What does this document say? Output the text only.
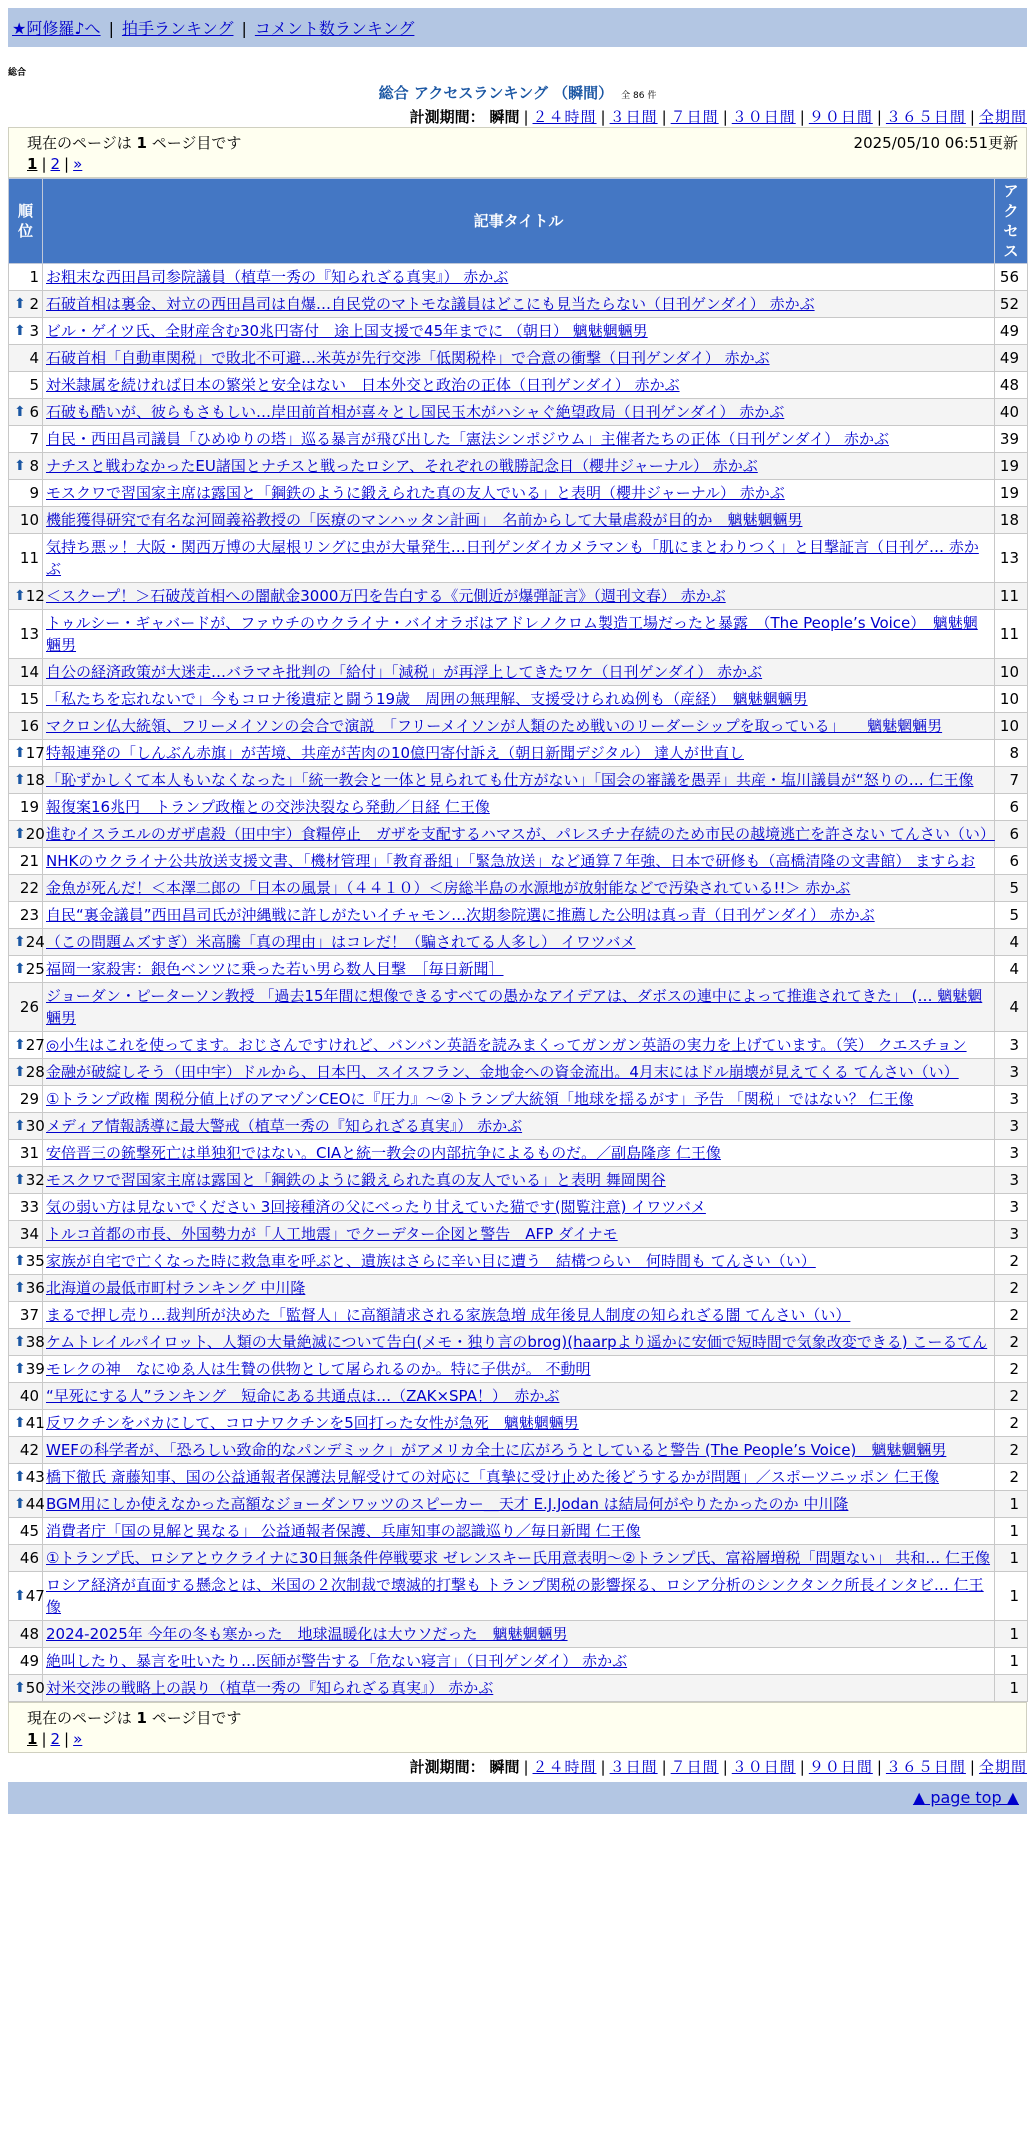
★阿修羅♪へ | 拍手ランキング | コメント数ランキング
総合
総合 アクセスランキング （瞬間） 全 86 件
計測期間： 瞬間 | ２４時間 | ３日間 | ７日間 | ３０日間 | ９０日間 | ３６５日間 | 全期間
現在のページは 1 ページ目です	2025/05/10 06:51更新
1 | 2 | »
順位	記事タイトル	アクセス
1	お粗末な西田昌司参院議員（植草一秀の『知られざる真実』） 赤かぶ	56

⬆ 2	石破首相は裏金、対立の西田昌司は自爆…自民党のマトモな議員はどこにも見当たらない（日刊ゲンダイ） 赤かぶ	52

⬆ 3	ビル・ゲイツ氏、全財産含む30兆円寄付　途上国支援で45年までに （朝日） 魑魅魍魎男	49
4	石破首相「自動車関税」で敗北不可避…米英が先行交渉「低関税枠」で合意の衝撃（日刊ゲンダイ） 赤かぶ	49
5	対米隷属を続ければ日本の繁栄と安全はない　日本外交と政治の正体（日刊ゲンダイ） 赤かぶ	48

⬆ 6	石破も酷いが、彼らもさもしい…岸田前首相が喜々とし国民玉木がハシャぐ絶望政局（日刊ゲンダイ） 赤かぶ	40
7	自民・西田昌司議員「ひめゆりの塔」巡る暴言が飛び出した「憲法シンポジウム」主催者たちの正体（日刊ゲンダイ） 赤かぶ	39

⬆ 8	ナチスと戦わなかったEU諸国とナチスと戦ったロシア、それぞれの戦勝記念日（櫻井ジャーナル） 赤かぶ	19
9	モスクワで習国家主席は露国と「鋼鉄のように鍛えられた真の友人でいる」と表明（櫻井ジャーナル） 赤かぶ	19
10	機能獲得研究で有名な河岡義裕教授の「医療のマンハッタン計画」　名前からして大量虐殺が目的か　魑魅魍魎男	18
11	気持ち悪ッ！大阪・関西万博の大屋根リングに虫が大量発生…日刊ゲンダイカメラマンも「肌にまとわりつく」と目撃証言（日刊ゲ… 赤かぶ	13

⬆ 12	＜スクープ！＞石破茂首相への闇献金3000万円を告白する《元側近が爆弾証言》（週刊文春） 赤かぶ	11
13	トゥルシー・ギャバードが、ファウチのウクライナ・バイオラボはアドレノクロム製造工場だったと暴露　（The People’s Voice）　魑魅魍魎男	11
14	自公の経済政策が大迷走…バラマキ批判の「給付」「減税」が再浮上してきたワケ（日刊ゲンダイ） 赤かぶ	10
15	「私たちを忘れないで」今もコロナ後遺症と闘う19歳　周囲の無理解、支援受けられぬ例も（産経）　魑魅魍魎男	10
16	マクロン仏大統領、フリーメイソンの会合で演説　「フリーメイソンが人類のため戦いのリーダーシップを取っている」　　魑魅魍魎男	10

⬆ 17	特報連発の「しんぶん赤旗」が苦境、共産が苦肉の10億円寄付訴え（朝日新聞デジタル） 達人が世直し	8

⬆ 18	「恥ずかしくて本人もいなくなった」「統一教会と一体と見られても仕方がない」「国会の審議を愚弄」共産・塩川議員が“怒りの… 仁王像	7
19	報復案16兆円　トランプ政権との交渉決裂なら発動／日経 仁王像	6

⬆ 20	進むイスラエルのガザ虐殺（田中宇）食糧停止　ガザを支配するハマスが、パレスチナ存続のため市民の越境逃亡を許さない てんさい（い）	6
21	NHKのウクライナ公共放送支援文書、「機材管理」「教育番組」「緊急放送」など通算７年強、日本で研修も（高橋清隆の文書館） ますらお	6
22	金魚が死んだ！＜本澤二郎の「日本の風景」（４４１０）＜房総半島の水源地が放射能などで汚染されている!!＞ 赤かぶ	5
23	自民“裏金議員”西田昌司氏が沖縄戦に許しがたいイチャモン…次期参院選に推薦した公明は真っ青（日刊ゲンダイ） 赤かぶ	5

⬆ 24	（この問題ムズすぎ）米高騰「真の理由」はコレだ！（騙されてる人多し） イワツバメ	4

⬆ 25	福岡一家殺害：銀色ベンツに乗った若い男ら数人目撃　［毎日新聞］	4
26	ジョーダン・ピーターソン教授 「過去15年間に想像できるすべての愚かなアイデアは、ダボスの連中によって推進されてきた」 (… 魑魅魍魎男	4

⬆ 27	◎小生はこれを使ってます。おじさんですけれど、バンバン英語を読みまくってガンガン英語の実力を上げています。（笑） クエスチョン	3

⬆ 28	金融が破綻しそう（田中宇）ドルから、日本円、スイスフラン、金地金への資金流出。4月末にはドル崩壊が見えてくる てんさい（い）	3
29	①トランプ政権 関税分値上げのアマゾンCEOに『圧力』～②トランプ大統領「地球を揺るがす」予告 「関税」ではない？ 仁王像	3

⬆ 30	メディア情報誘導に最大警戒（植草一秀の『知られざる真実』） 赤かぶ	3
31	安倍晋三の銃撃死亡は単独犯ではない。CIAと統一教会の内部抗争によるものだ。／副島隆彦 仁王像	3

⬆ 32	モスクワで習国家主席は露国と「鋼鉄のように鍛えられた真の友人でいる」と表明 舞岡関谷	3
33	気の弱い方は見ないでください 3回接種済の父にべったり甘えていた猫です(閲覧注意) イワツバメ	3
34	トルコ首都の市長、外国勢力が「人工地震」でクーデター企図と警告　AFP ダイナモ	3

⬆ 35	家族が自宅で亡くなった時に救急車を呼ぶと、遺族はさらに辛い目に遭う　結構つらい　何時間も てんさい（い）	2

⬆ 36	北海道の最低市町村ランキング 中川隆	2
37	まるで押し売り…裁判所が決めた「監督人」に高額請求される家族急増 成年後見人制度の知られざる闇 てんさい（い）	2

⬆ 38	ケムトレイルパイロット、人類の大量絶滅について告白(メモ・独り言のbrog)(haarpより遥かに安価で短時間で気象改変できる) こーるてん	2

⬆ 39	モレクの神　なにゆゑ人は生贄の供物として屠られるのか。特に子供が。 不動明	2
40	“早死にする人”ランキング　短命にある共通点は…（ZAK×SPA！）　赤かぶ	2

⬆ 41	反ワクチンをバカにして、コロナワクチンを5回打った女性が急死　魑魅魍魎男	2
42	WEFの科学者が、「恐ろしい致命的なパンデミック」がアメリカ全土に広がろうとしていると警告 (The People’s Voice)　魑魅魍魎男	2

⬆ 43	橋下徹氏 斎藤知事、国の公益通報者保護法見解受けての対応に「真摯に受け止めた後どうするかが問題」／スポーツニッポン 仁王像	2

⬆ 44	BGM用にしか使えなかった高額なジョーダンワッツのスピーカー＿天才 E.J.Jodan は結局何がやりたかったのか 中川隆	1
45	消費者庁「国の見解と異なる」 公益通報者保護、兵庫知事の認識巡り／毎日新聞 仁王像	1
46	①トランプ氏、ロシアとウクライナに30日無条件停戦要求 ゼレンスキー氏用意表明～②トランプ氏、富裕層増税「問題ない」 共和… 仁王像	1

⬆ 47	ロシア経済が直面する懸念とは、米国の２次制裁で壊滅的打撃も トランプ関税の影響探る、ロシア分析のシンクタンク所長インタビ… 仁王像	1
48	2024-2025年 今年の冬も寒かった　地球温暖化は大ウソだった　魑魅魍魎男	1
49	絶叫したり、暴言を吐いたり…医師が警告する「危ない寝言」（日刊ゲンダイ） 赤かぶ	1

⬆ 50	対米交渉の戦略上の誤り（植草一秀の『知られざる真実』） 赤かぶ	1
現在のページは 1 ページ目です
1 | 2 | »
計測期間： 瞬間 | ２４時間 | ３日間 | ７日間 | ３０日間 | ９０日間 | ３６５日間 | 全期間
▲ page top ▲
